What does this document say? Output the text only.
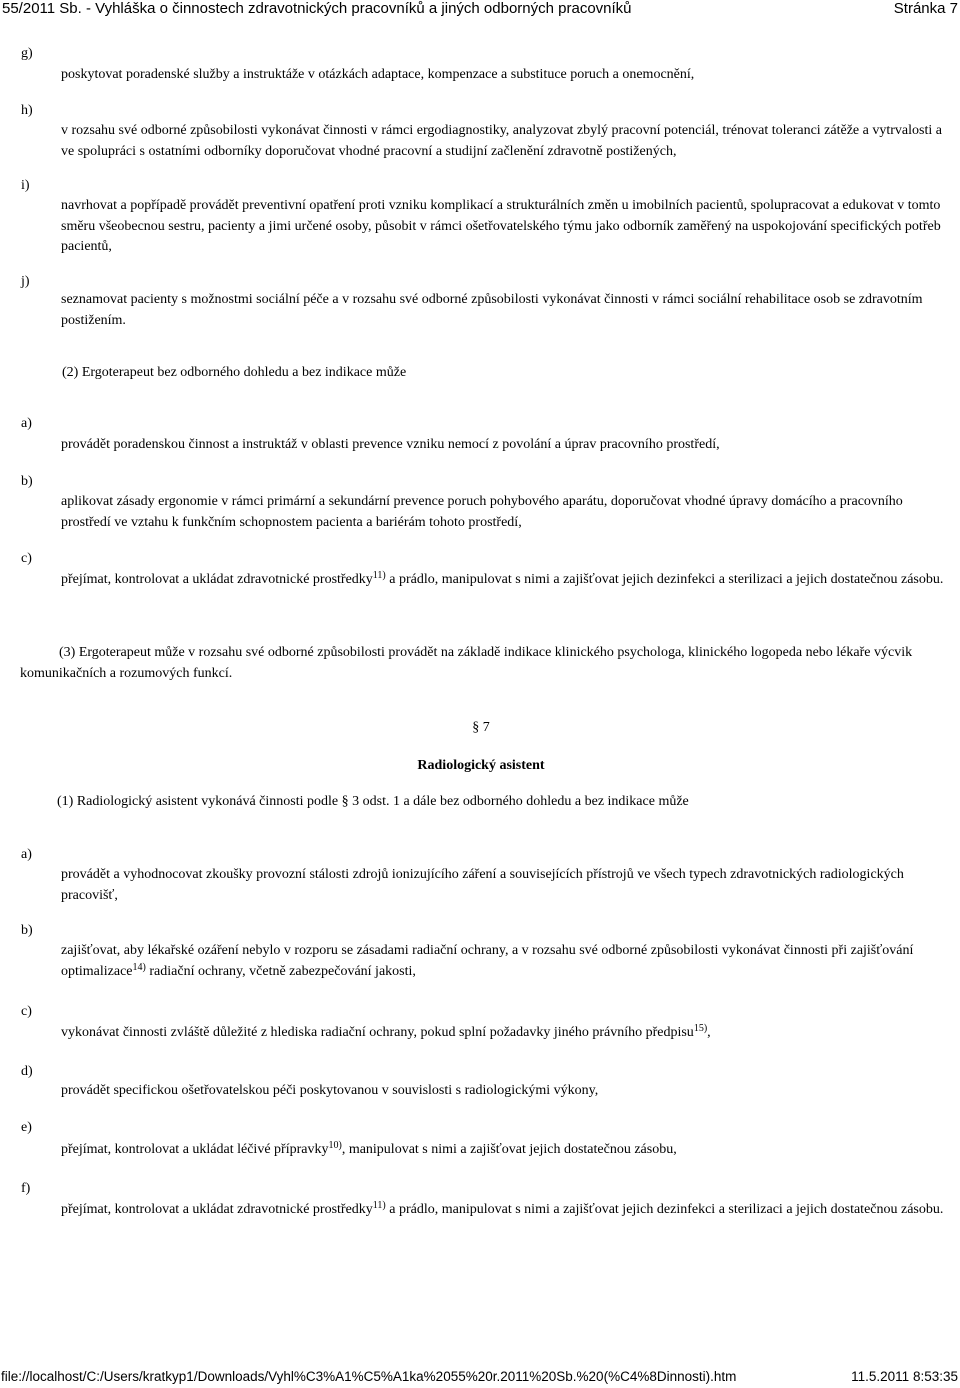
55/2011 Sb. - Vyhláška o činnostech zdravotnických pracovníků a jiných odborných pracovníků	Stránka 7
g)
poskytovat poradenské služby a instruktáže v otázkách adaptace, kompenzace a substituce poruch a onemocnění,
h)
v rozsahu své odborné způsobilosti vykonávat činnosti v rámci ergodiagnostiky, analyzovat zbylý pracovní potenciál, trénovat toleranci zátěže a vytrvalosti a ve spolupráci s ostatními odborníky doporučovat vhodné pracovní a studijní začlenění zdravotně postižených,
i)
navrhovat a popřípadě provádět preventivní opatření proti vzniku komplikací a strukturálních změn u imobilních pacientů, spolupracovat a edukovat v tomto směru všeobecnou sestru, pacienty a jimi určené osoby, působit v rámci ošetřovatelského týmu jako odborník zaměřený na uspokojování specifických potřeb pacientů,
j)
seznamovat pacienty s možnostmi sociální péče a v rozsahu své odborné způsobilosti vykonávat činnosti v rámci sociální rehabilitace osob se zdravotním postižením.
(2) Ergoterapeut bez odborného dohledu a bez indikace může
a)
provádět poradenskou činnost a instruktáž v oblasti prevence vzniku nemocí z povolání a úprav pracovního prostředí,
b)
aplikovat zásady ergonomie v rámci primární a sekundární prevence poruch pohybového aparátu, doporučovat vhodné úpravy domácího a pracovního prostředí ve vztahu k funkčním schopnostem pacienta a bariérám tohoto prostředí,
c)
přejímat, kontrolovat a ukládat zdravotnické prostředky$^{11)}$ a prádlo, manipulovat s nimi a zajišťovat jejich dezinfekci a sterilizaci a jejich dostatečnou zásobu.
(3) Ergoterapeut může v rozsahu své odborné způsobilosti provádět na základě indikace klinického psychologa, klinického logopeda nebo lékaře výcvik komunikačních a rozumových funkcí.
§ 7
Radiologický asistent
(1) Radiologický asistent vykonává činnosti podle § 3 odst. 1 a dále bez odborného dohledu a bez indikace může
a)
provádět a vyhodnocovat zkoušky provozní stálosti zdrojů ionizujícího záření a souvisejících přístrojů ve všech typech zdravotnických radiologických pracovišť,
b)
zajišťovat, aby lékařské ozáření nebylo v rozporu se zásadami radiační ochrany, a v rozsahu své odborné způsobilosti vykonávat činnosti při zajišťování optimalizace$^{14)}$ radiační ochrany, včetně zabezpečování jakosti,
c)
vykonávat činnosti zvláště důležité z hlediska radiační ochrany, pokud splní požadavky jiného právního předpisu$^{15)}$,
d)
provádět specifickou ošetřovatelskou péči poskytovanou v souvislosti s radiologickými výkony,
e)
přejímat, kontrolovat a ukládat léčivé přípravky$^{10)}$, manipulovat s nimi a zajišťovat jejich dostatečnou zásobu,
f)
přejímat, kontrolovat a ukládat zdravotnické prostředky$^{11)}$ a prádlo, manipulovat s nimi a zajišťovat jejich dezinfekci a sterilizaci a jejich dostatečnou zásobu.
file://localhost/C:/Users/kratkyp1/Downloads/Vyhl%C3%A1%C5%A1ka%2055%20r.2011%20Sb.%20(%C4%8Dinnosti).htm	11.5.2011 8:53:35
